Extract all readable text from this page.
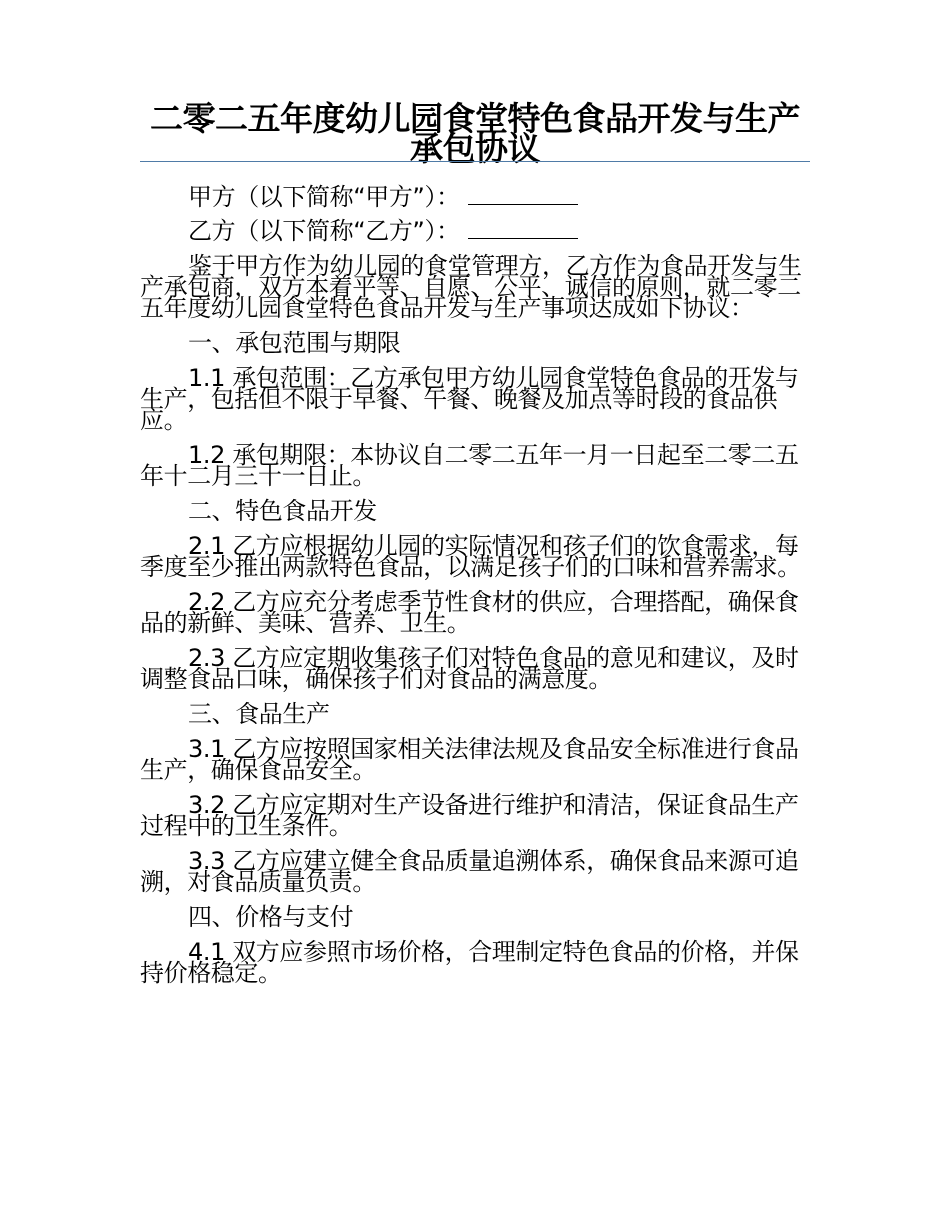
二零二五年度幼儿园食堂特色食品开发与生产承包协议

甲方（以下简称“甲方”）：

乙方（以下简称“乙方”）：

鉴于甲方作为幼儿园的食堂管理方，乙方作为食品开发与生产承包商，双方本着平等、自愿、公平、诚信的原则，就二零二五年度幼儿园食堂特色食品开发与生产事项达成如下协议：

一、承包范围与期限

1.1 承包范围：乙方承包甲方幼儿园食堂特色食品的开发与生产，包括但不限于早餐、午餐、晚餐及加点等时段的食品供应。

1.2 承包期限：本协议自二零二五年一月一日起至二零二五年十二月三十一日止。

二、特色食品开发

2.1 乙方应根据幼儿园的实际情况和孩子们的饮食需求，每季度至少推出两款特色食品，以满足孩子们的口味和营养需求。

2.2 乙方应充分考虑季节性食材的供应，合理搭配，确保食品的新鲜、美味、营养、卫生。

2.3 乙方应定期收集孩子们对特色食品的意见和建议，及时调整食品口味，确保孩子们对食品的满意度。

三、食品生产

3.1 乙方应按照国家相关法律法规及食品安全标准进行食品生产，确保食品安全。

3.2 乙方应定期对生产设备进行维护和清洁，保证食品生产过程中的卫生条件。

3.3 乙方应建立健全食品质量追溯体系，确保食品来源可追溯，对食品质量负责。

四、价格与支付

4.1 双方应参照市场价格，合理制定特色食品的价格，并保持价格稳定。
